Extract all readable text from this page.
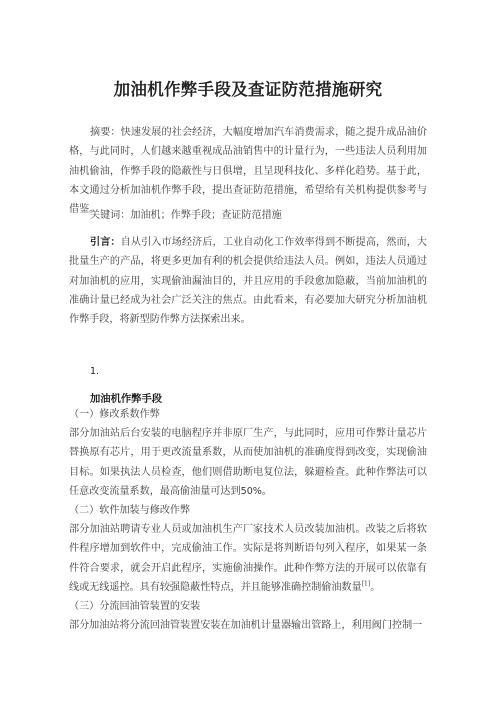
加油机作弊手段及查证防范措施研究

摘要：快速发展的社会经济，大幅度增加汽车消费需求，随之提升成品油价格，与此同时，人们越来越重视成品油销售中的计量行为，一些违法人员利用加油机偷油，作弊手段的隐蔽性与日俱增，且呈现科技化、多样化趋势。基于此，本文通过分析加油机作弊手段，提出查证防范措施，希望给有关机构提供参考与借鉴。

关键词：加油机；作弊手段；查证防范措施

引言：自从引入市场经济后，工业自动化工作效率得到不断提高，然而，大批量生产的产品，将更多更加有利的机会提供给违法人员。例如，违法人员通过对加油机的应用，实现偷油漏油目的，并且应用的手段愈加隐蔽，当前加油机的准确计量已经成为社会广泛关注的焦点。由此看来，有必要加大研究分析加油机作弊手段，将新型防作弊方法探索出来。

1.
加油机作弊手段

（一）修改系数作弊

部分加油站后台安装的电脑程序并非原厂生产，与此同时，应用可作弊计量芯片替换原有芯片，用于更改流量系数，从而使加油机的准确度得到改变，实现偷油目标。如果执法人员检查，他们则借助断电复位法，躲避检查。此种作弊法可以任意改变流量系数，最高偷油量可达到50%。

（二）软件加装与修改作弊

部分加油站聘请专业人员或加油机生产厂家技术人员改装加油机。改装之后将软件程序增加到软件中，完成偷油工作。实际是将判断语句列入程序，如果某一条件符合要求，就会开启此程序，实施偷油操作。此种作弊方法的开展可以依靠有线或无线遥控。具有较强隐蔽性特点，并且能够准确控制偷油数量[1]。

（三）分流回油管装置的安装

部分加油站将分流回油管装置安装在加油机计量器输出管路上，利用阀门控制一
